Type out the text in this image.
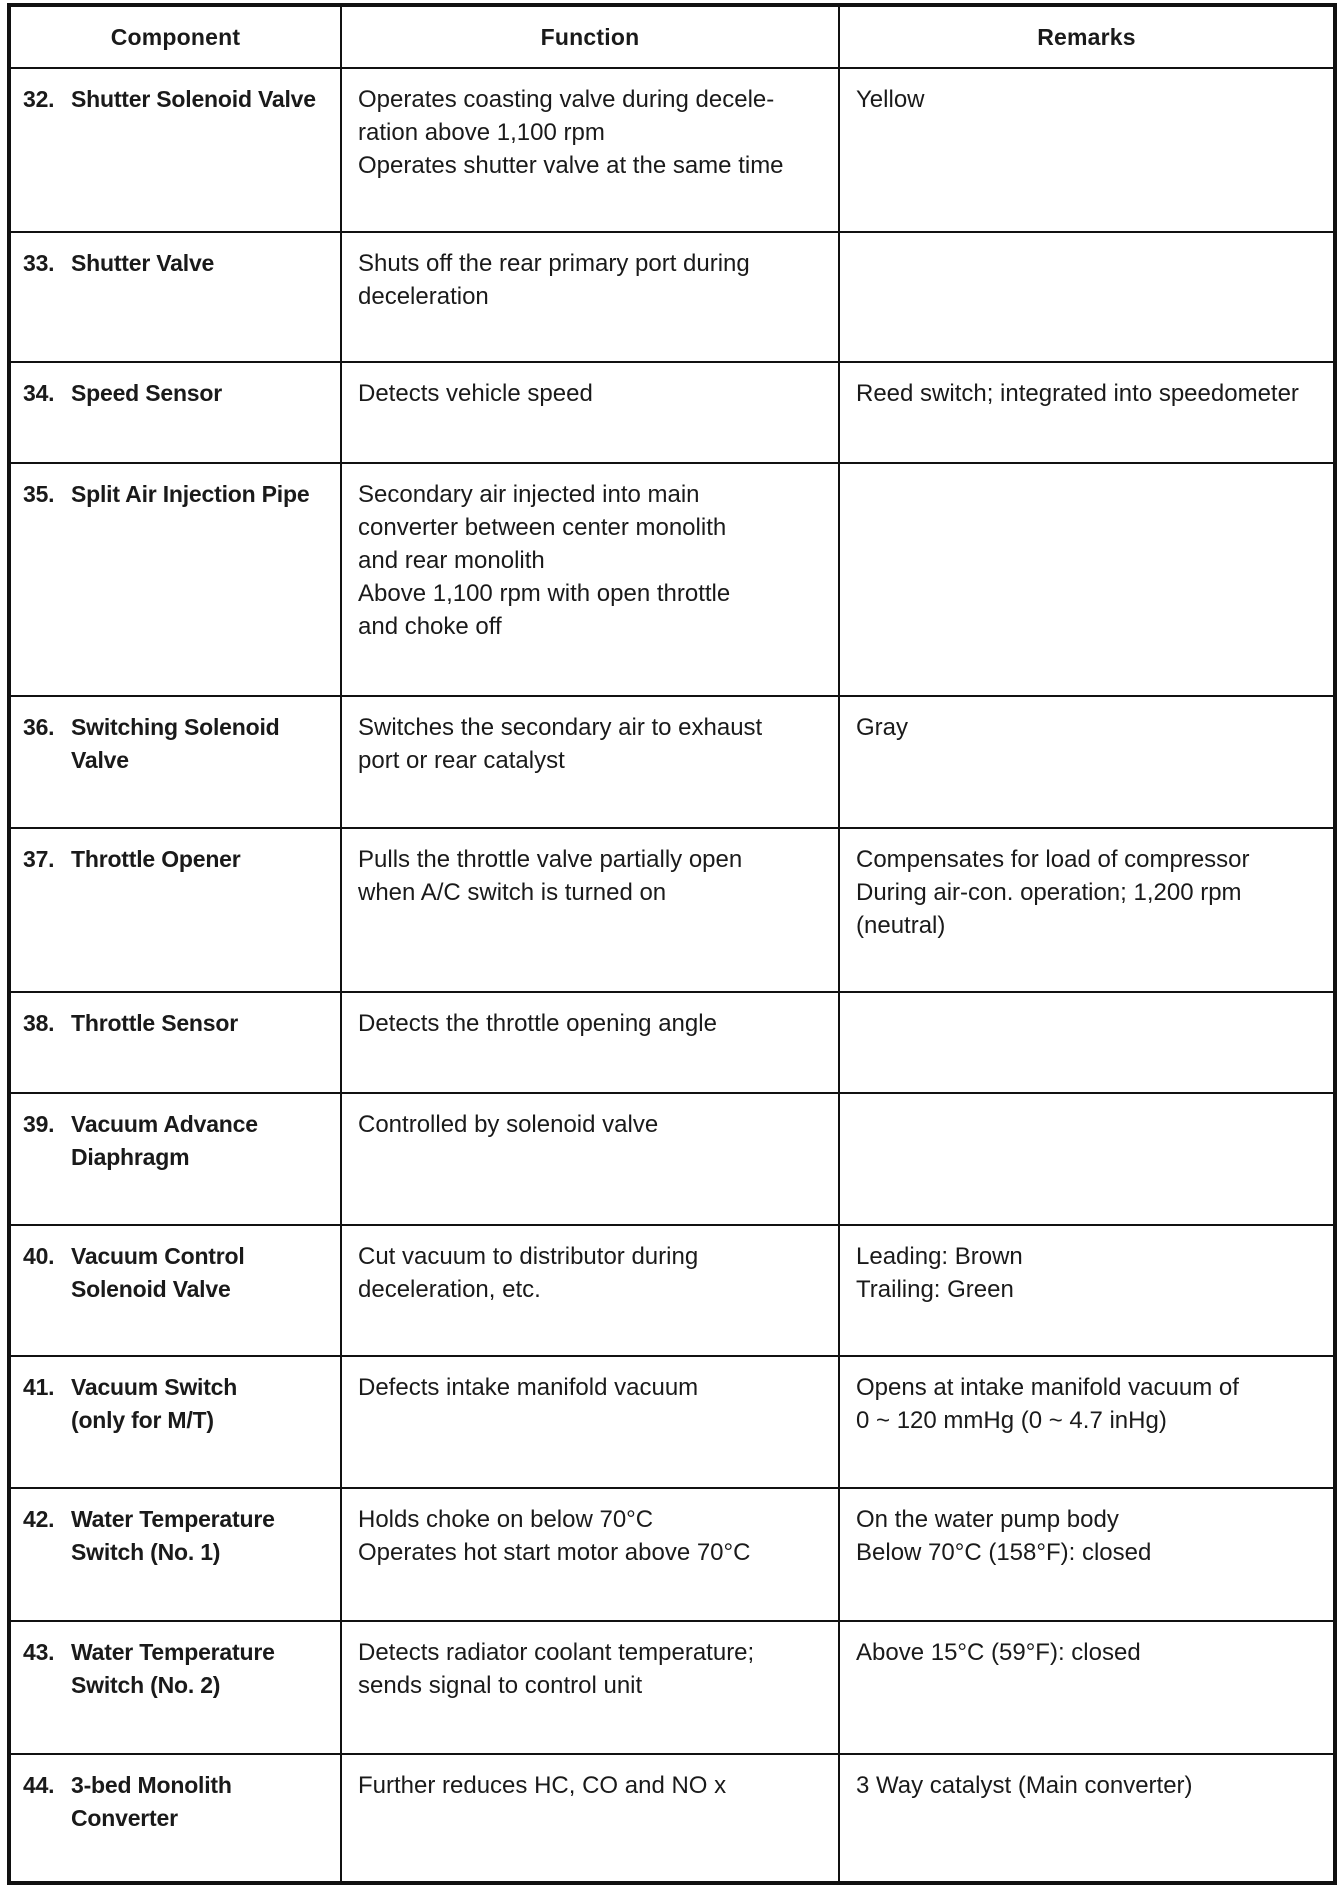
Component	Function	Remarks

32. Shutter Solenoid Valve	Operates coasting valve during decele-
ration above 1,100 rpm
Operates shutter valve at the same time	Yellow

33. Shutter Valve	Shuts off the rear primary port during
deceleration	

34. Speed Sensor	Detects vehicle speed	Reed switch; integrated into speedometer

35. Split Air Injection Pipe	Secondary air injected into main
converter between center monolith
and rear monolith
Above 1,100 rpm with open throttle
and choke off	

36. Switching Solenoid
Valve	Switches the secondary air to exhaust
port or rear catalyst	Gray

37. Throttle Opener	Pulls the throttle valve partially open
when A/C switch is turned on	Compensates for load of compressor
During air-con. operation; 1,200 rpm
(neutral)

38. Throttle Sensor	Detects the throttle opening angle	

39. Vacuum Advance
Diaphragm	Controlled by solenoid valve	

40. Vacuum Control
Solenoid Valve	Cut vacuum to distributor during
deceleration, etc.	Leading: Brown
Trailing: Green

41. Vacuum Switch
(only for M/T)	Defects intake manifold vacuum	Opens at intake manifold vacuum of
0 ~ 120 mmHg (0 ~ 4.7 inHg)

42. Water Temperature
Switch (No. 1)	Holds choke on below 70°C
Operates hot start motor above 70°C	On the water pump body
Below 70°C (158°F): closed

43. Water Temperature
Switch (No. 2)	Detects radiator coolant temperature;
sends signal to control unit	Above 15°C (59°F): closed

44. 3-bed Monolith
Converter	Further reduces HC, CO and NO x	3 Way catalyst (Main converter)
